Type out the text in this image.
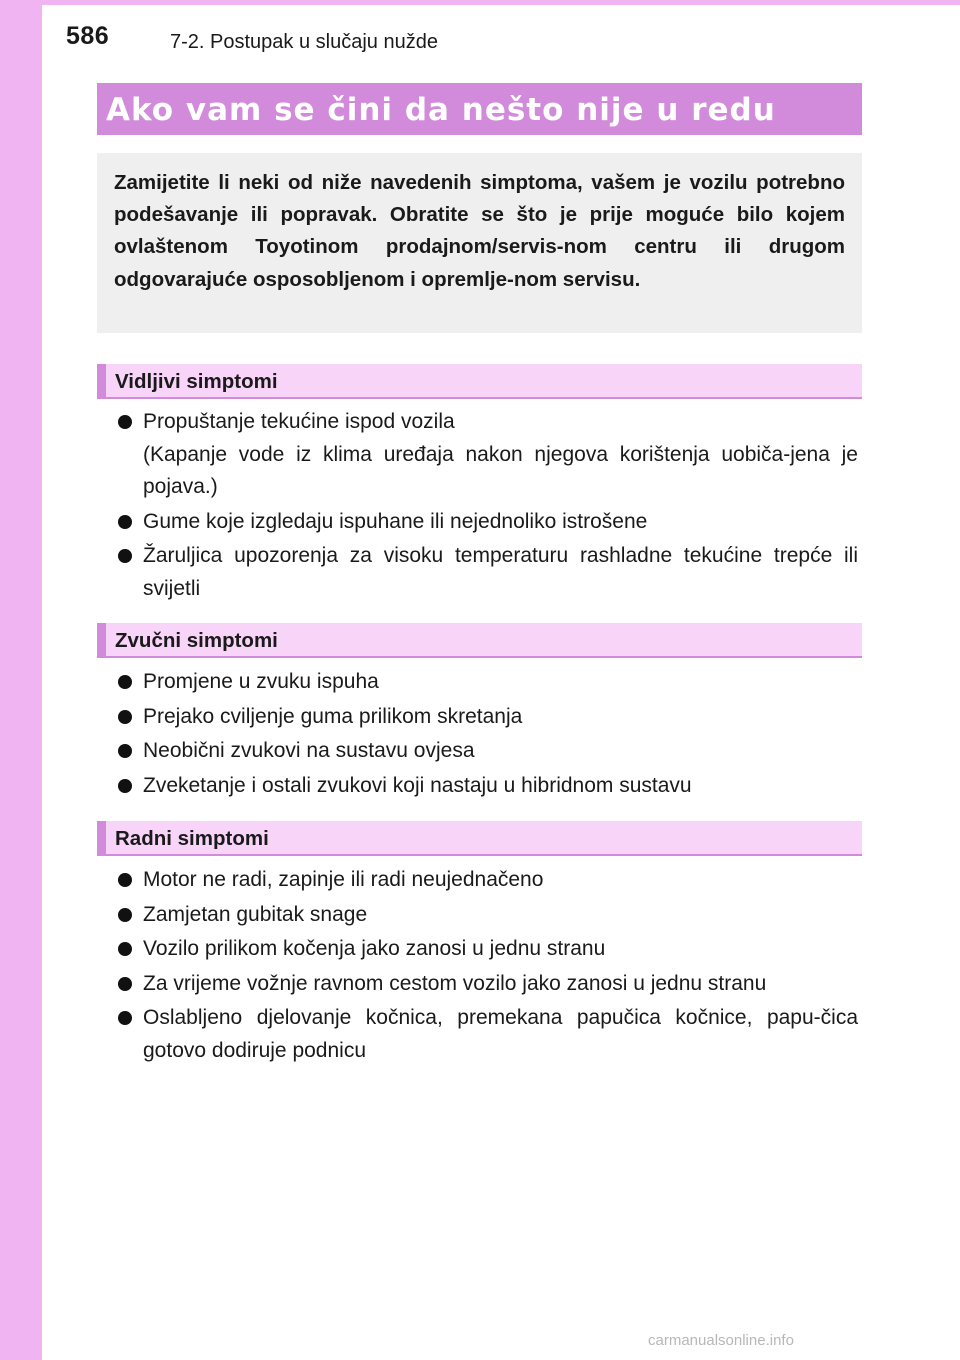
586	7-2. Postupak u slučaju nužde
Ako vam se čini da nešto nije u redu

Zamijetite li neki od niže navedenih simptoma, vašem je vozilu potrebno podešavanje ili popravak. Obratite se što je prije moguće bilo kojem ovlaštenom Toyotinom prodajnom/servis-nom centru ili drugom odgovarajuće osposobljenom i opremlje-nom servisu.

Vidljivi simptomi
Propuštanje tekućine ispod vozila

(Kapanje vode iz klima uređaja nakon njegova korištenja uobiča-jena je pojava.)
Gume koje izgledaju ispuhane ili nejednoliko istrošene
Žaruljica upozorenja za visoku temperaturu rashladne tekućine trepće ili svijetli
Zvučni simptomi
Promjene u zvuku ispuha
Prejako cviljenje guma prilikom skretanja
Neobični zvukovi na sustavu ovjesa
Zveketanje i ostali zvukovi koji nastaju u hibridnom sustavu
Radni simptomi
Motor ne radi, zapinje ili radi neujednačeno
Zamjetan gubitak snage
Vozilo prilikom kočenja jako zanosi u jednu stranu
Za vrijeme vožnje ravnom cestom vozilo jako zanosi u jednu stranu
Oslabljeno djelovanje kočnica, premekana papučica kočnice, papu-čica gotovo dodiruje podnicu
carmanualsonline.info
